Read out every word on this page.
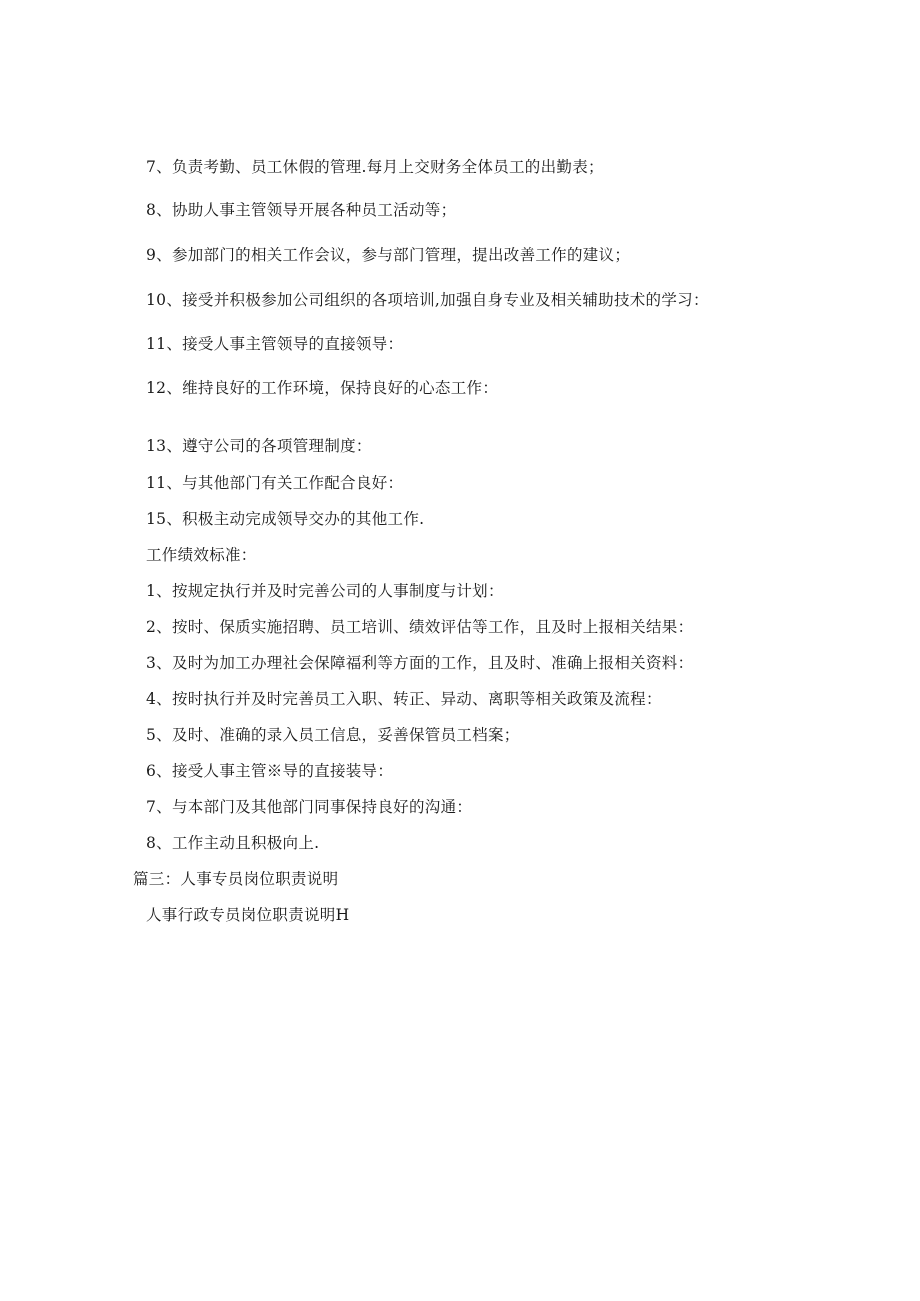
7、负责考勤、员工休假的管理.每月上交财务全体员工的出勤表；
8、协助人事主管领导开展各种员工活动等；
9、参加部门的相关工作会议，参与部门管理，提出改善工作的建议；
10、接受并积极参加公司组织的各项培训,加强自身专业及相关辅助技术的学习：
11、接受人事主管领导的直接领导：
12、维持良好的工作环境，保持良好的心态工作：
13、遵守公司的各项管理制度：
11、与其他部门有关工作配合良好：
15、积极主动完成领导交办的其他工作.
工作绩效标准：
1、按规定执行并及时完善公司的人事制度与计划：
2、按时、保质实施招聘、员工培训、绩效评估等工作，且及时上报相关结果：
3、及时为加工办理社会保障福利等方面的工作，且及时、准确上报相关资料：
4、按时执行并及时完善员工入职、转正、异动、离职等相关政策及流程：
5、及时、准确的录入员工信息，妥善保管员工档案；
6、接受人事主管※导的直接装导：
7、与本部门及其他部门同事保持良好的沟通：
8、工作主动且积极向上.
篇三：人事专员岗位职责说明
人事行政专员岗位职责说明H
